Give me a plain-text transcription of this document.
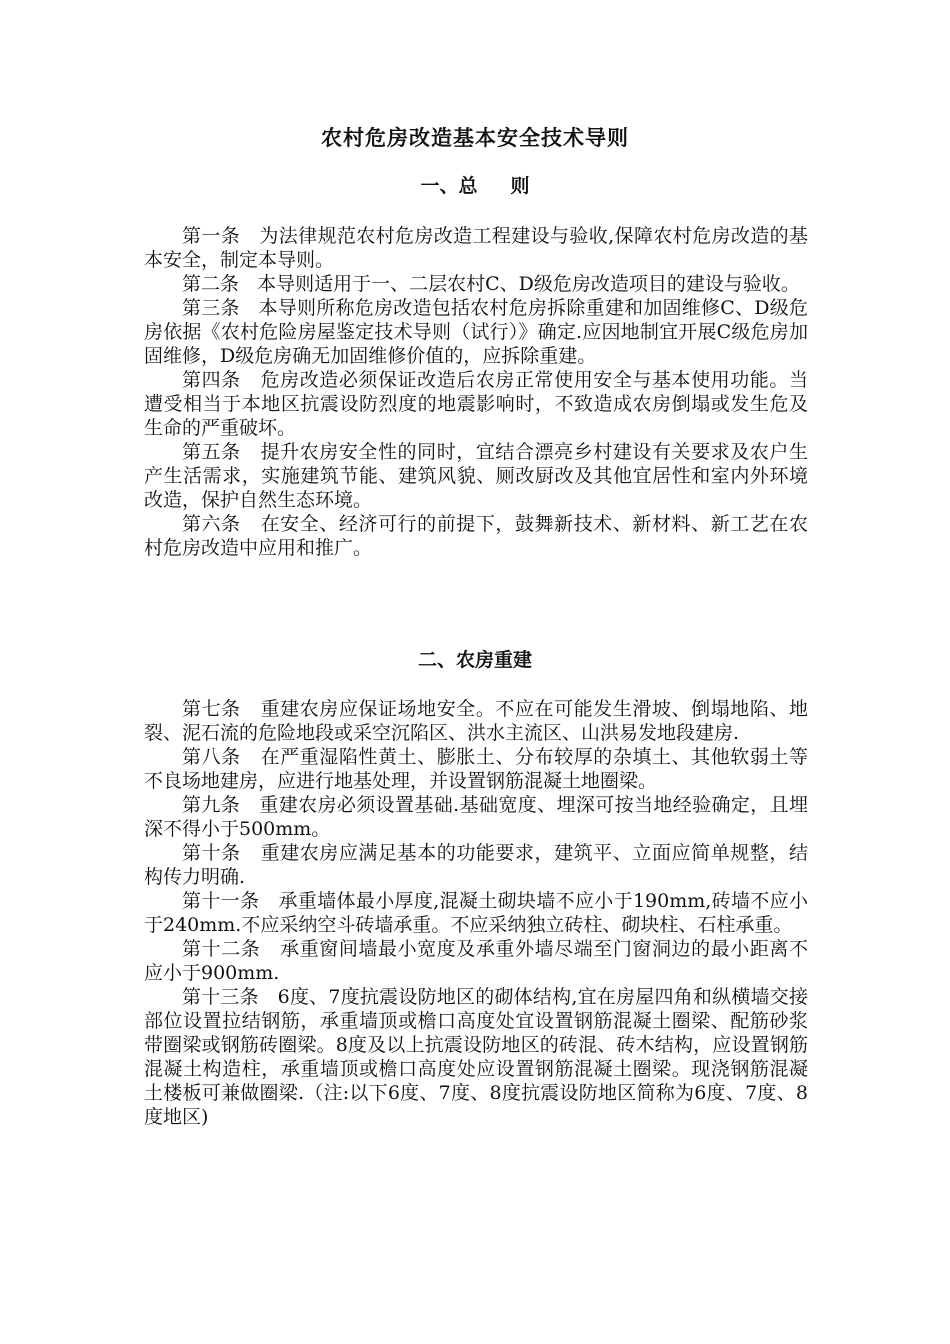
农村危房改造基本安全技术导则
一、总     则

第一条 为法律规范农村危房改造工程建设与验收,保障农村危房改造的基本安全，制定本导则。

第二条 本导则适用于一、二层农村C、D级危房改造项目的建设与验收。

第三条 本导则所称危房改造包括农村危房拆除重建和加固维修C、D级危房依据《农村危险房屋鉴定技术导则（试行）》确定.应因地制宜开展C级危房加固维修，D级危房确无加固维修价值的，应拆除重建。

第四条 危房改造必须保证改造后农房正常使用安全与基本使用功能。当遭受相当于本地区抗震设防烈度的地震影响时，不致造成农房倒塌或发生危及生命的严重破坏。

第五条 提升农房安全性的同时，宜结合漂亮乡村建设有关要求及农户生产生活需求，实施建筑节能、建筑风貌、厕改厨改及其他宜居性和室内外环境改造，保护自然生态环境。

第六条 在安全、经济可行的前提下，鼓舞新技术、新材料、新工艺在农村危房改造中应用和推广。

二、农房重建

第七条 重建农房应保证场地安全。不应在可能发生滑坡、倒塌地陷、地裂、泥石流的危险地段或采空沉陷区、洪水主流区、山洪易发地段建房.

第八条 在严重湿陷性黄土、膨胀土、分布较厚的杂填土、其他软弱土等不良场地建房，应进行地基处理，并设置钢筋混凝土地圈梁。

第九条 重建农房必须设置基础.基础宽度、埋深可按当地经验确定，且埋深不得小于500mm。

第十条 重建农房应满足基本的功能要求，建筑平、立面应简单规整，结构传力明确.

第十一条 承重墙体最小厚度,混凝土砌块墙不应小于190mm,砖墙不应小于240mm.不应采纳空斗砖墙承重。不应采纳独立砖柱、砌块柱、石柱承重。

第十二条 承重窗间墙最小宽度及承重外墙尽端至门窗洞边的最小距离不应小于900mm.

第十三条 6度、7度抗震设防地区的砌体结构,宜在房屋四角和纵横墙交接部位设置拉结钢筋，承重墙顶或檐口高度处宜设置钢筋混凝土圈梁、配筋砂浆带圈梁或钢筋砖圈梁。8度及以上抗震设防地区的砖混、砖木结构，应设置钢筋混凝土构造柱，承重墙顶或檐口高度处应设置钢筋混凝土圈梁。现浇钢筋混凝土楼板可兼做圈梁.（注:以下6度、7度、8度抗震设防地区简称为6度、7度、8度地区)
